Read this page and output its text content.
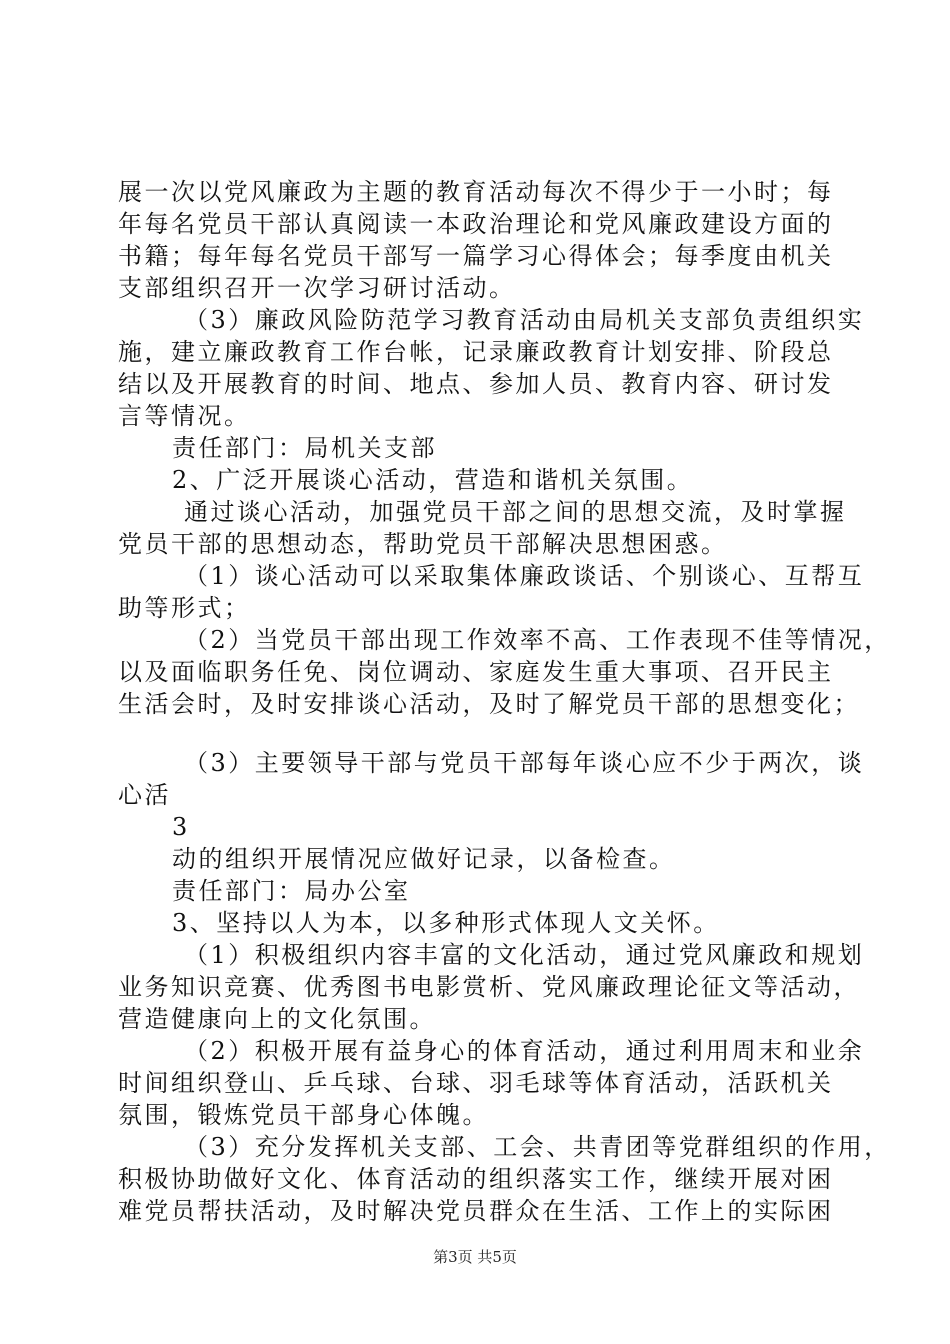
展一次以党风廉政为主题的教育活动每次不得少于一小时；每
年每名党员干部认真阅读一本政治理论和党风廉政建设方面的
书籍；每年每名党员干部写一篇学习心得体会；每季度由机关
支部组织召开一次学习研讨活动。
（3）廉政风险防范学习教育活动由局机关支部负责组织实
施，建立廉政教育工作台帐，记录廉政教育计划安排、阶段总
结以及开展教育的时间、地点、参加人员、教育内容、研讨发
言等情况。
责任部门：局机关支部
2、广泛开展谈心活动，营造和谐机关氛围。
通过谈心活动，加强党员干部之间的思想交流，及时掌握
党员干部的思想动态，帮助党员干部解决思想困惑。
（1）谈心活动可以采取集体廉政谈话、个别谈心、互帮互
助等形式；
（2）当党员干部出现工作效率不高、工作表现不佳等情况，
以及面临职务任免、岗位调动、家庭发生重大事项、召开民主
生活会时，及时安排谈心活动，及时了解党员干部的思想变化；
（3）主要领导干部与党员干部每年谈心应不少于两次，谈
心活
3
动的组织开展情况应做好记录，以备检查。
责任部门：局办公室
3、坚持以人为本，以多种形式体现人文关怀。
（1）积极组织内容丰富的文化活动，通过党风廉政和规划
业务知识竞赛、优秀图书电影赏析、党风廉政理论征文等活动，
营造健康向上的文化氛围。
（2）积极开展有益身心的体育活动，通过利用周末和业余
时间组织登山、乒乓球、台球、羽毛球等体育活动，活跃机关
氛围，锻炼党员干部身心体魄。
（3）充分发挥机关支部、工会、共青团等党群组织的作用，
积极协助做好文化、体育活动的组织落实工作，继续开展对困
难党员帮扶活动，及时解决党员群众在生活、工作上的实际困
第3页 共5页
